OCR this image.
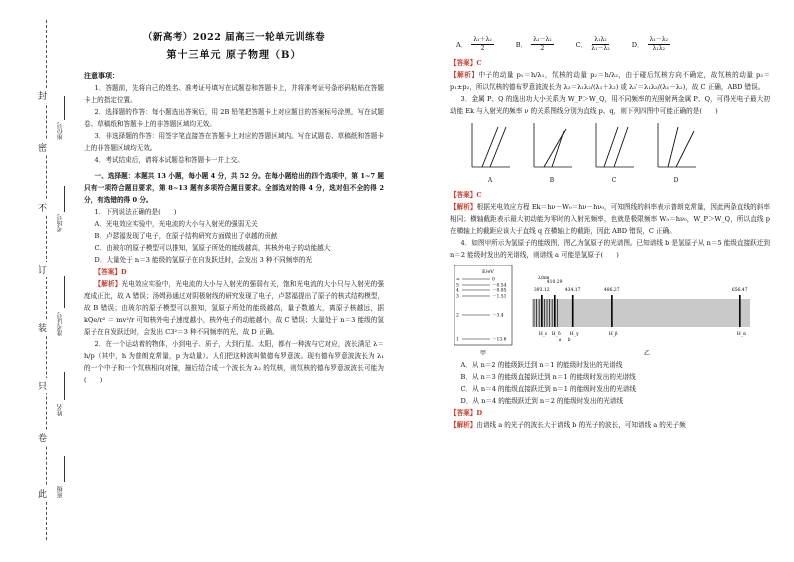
封
密
不
订
装
只
卷
此
座位号
考场号
准考证号
姓名
班级
（新高考）2022 届高三一轮单元训练卷
第十三单元 原子物理（B）
注意事项：
1．答题前，先将自己的姓名、准考证号填写在试题卷和答题卡上，并将准考证号条形码粘贴在答题卡上的指定位置。
2．选择题的作答：每小题选出答案后，用 2B 铅笔把答题卡上对应题目的答案标号涂黑，写在试题卷、草稿纸和答题卡上的非答题区域均无效。
3．非选择题的作答：用签字笔直接答在答题卡上对应的答题区域内。写在试题卷、草稿纸和答题卡上的非答题区域均无效。
4．考试结束后，请将本试题卷和答题卡一并上交。
一、选择题：本题共 13 小题，每小题 4 分，共 52 分。在每小题给出的四个选项中，第 1~7 题只有一项符合题目要求，第 8~13 题有多项符合题目要求。全部选对的得 4 分，选对但不全的得 2 分，有选错的得 0 分。
1．下列说法正确的是(　　)
A．光电效应实验中，光电流的大小与入射光的强弱无关
B．卢瑟福发现了电子，在原子结构研究方面做出了卓越的贡献
C．由玻尔的原子模型可以推知，氢原子所处的能级越高，其核外电子的动能越大
D．大量处于 n＝3 能级的氢原子在自发跃迁时，会发出 3 种不同频率的光
【答案】D
【解析】光电效应实验中，光电流的大小与入射光的强弱有关，饱和光电流的大小只与入射光的强度成正比，故 A 错误；汤姆孙通过对阴极射线的研究发现了电子，卢瑟福提出了原子的核式结构模型，故 B 错误；由玻尔的原子模型可以推知，氢原子所处的能级越高，量子数越大，离原子核越远，据 kQe/r² ＝ mv²/r 可知核外电子速度越小，核外电子的动能越小，故 C 错误；大量处于 n＝3 能级的氢原子在自发跃迁时，会发出 C3²＝3 种不同频率的光，故 D 正确。
2．在一个运动着的物体，小到电子、质子，大到行星、太阳，都有一种波与它对应，波长满足 λ＝h/p（其中，h 为普朗克常量，p 为动量）。人们把这种波叫做德布罗意波。现有德布罗意波波长为 λ₁ 的一个中子和一个氘核相向对撞，撞后结合成一个波长为 λ₂ 的氘核，则氘核的德布罗意波波长可能为(　　)
A． $\frac{\text{λ₁＋λ₂}}{2}$	B． $\frac{\text{λ₁－λ₂}}{2}$	C． $\frac{\text{λ₁λ₂}}{\text{λ₁－λ₂}}$	D． $\frac{\text{λ₁－λ₂}}{\text{λ₁λ₂}}$
【答案】C
【解析】中子的动量 p₁＝h/λ₁，氘核的动量 p₂＝h/λ₂，由于碰后氘核方向不确定，故氘核的动量 p₃＝p₁±p₂，所以氘核的德布罗意波波长为 λ₃＝λ₁λ₂/(λ₁＋λ₂) 或 λ₃′＝λ₁λ₂/(λ₁－λ₂)，故 C 正确，ABD 错误。
3．金属 P、Q 的逸出功大小关系为 W_P＞W_Q，用不同频率的光照射两金属 P、Q，可得光电子最大初动能 Ek 与入射光的频率 ν 的关系图线分别为直线 p、q，则下列四图中可能正确的是(　　)
A	B	C	D
【答案】C
【解析】根据光电效应方程 Ek＝hν－W₀＝hν－hν₀，可知图线的斜率表示普朗克常量，因此两条直线的斜率相同；横轴截距表示最大初动能为零时的入射光频率，也就是极限频率 W₀＝hν₀，W_P＞W_Q，所以直线 p 在横轴上的截距应该大于直线 q 在横轴上的截距，因此 ABD 错误，C 正确。
4．如图甲所示为氢原子的能级图，图乙为氢原子的光谱图。已知谱线 b 是氢原子从 n＝5 能级直接跃迁到 n＝2 能级时发出的光谱线，则谱线 a 可能是氢原子(　　)
E/eV
∞	0
5	－0.54
4	－0.85
3	－1.51
2	－3.4
1	－13.6
甲
λ/nm
393.12
H_ε
410.29
H_δ
434.17
H_γ
486.27
H_β
656.47
H_α
a b
乙
A．从 n＝2 的能级跃迁到 n＝1 的能级时发出的光谱线
B．从 n＝3 的能级直接跃迁到 n＝1 的能级时发出的光谱线
C．从 n＝4 的能级直接跃迁到 n＝1 的能级时发出的光谱线
D．从 n＝4 的能级跃迁到 n＝2 的能级时发出的光谱线
【答案】D
【解析】由谱线 a 的光子的波长大于谱线 b 的光子的波长，可知谱线 a 的光子频
